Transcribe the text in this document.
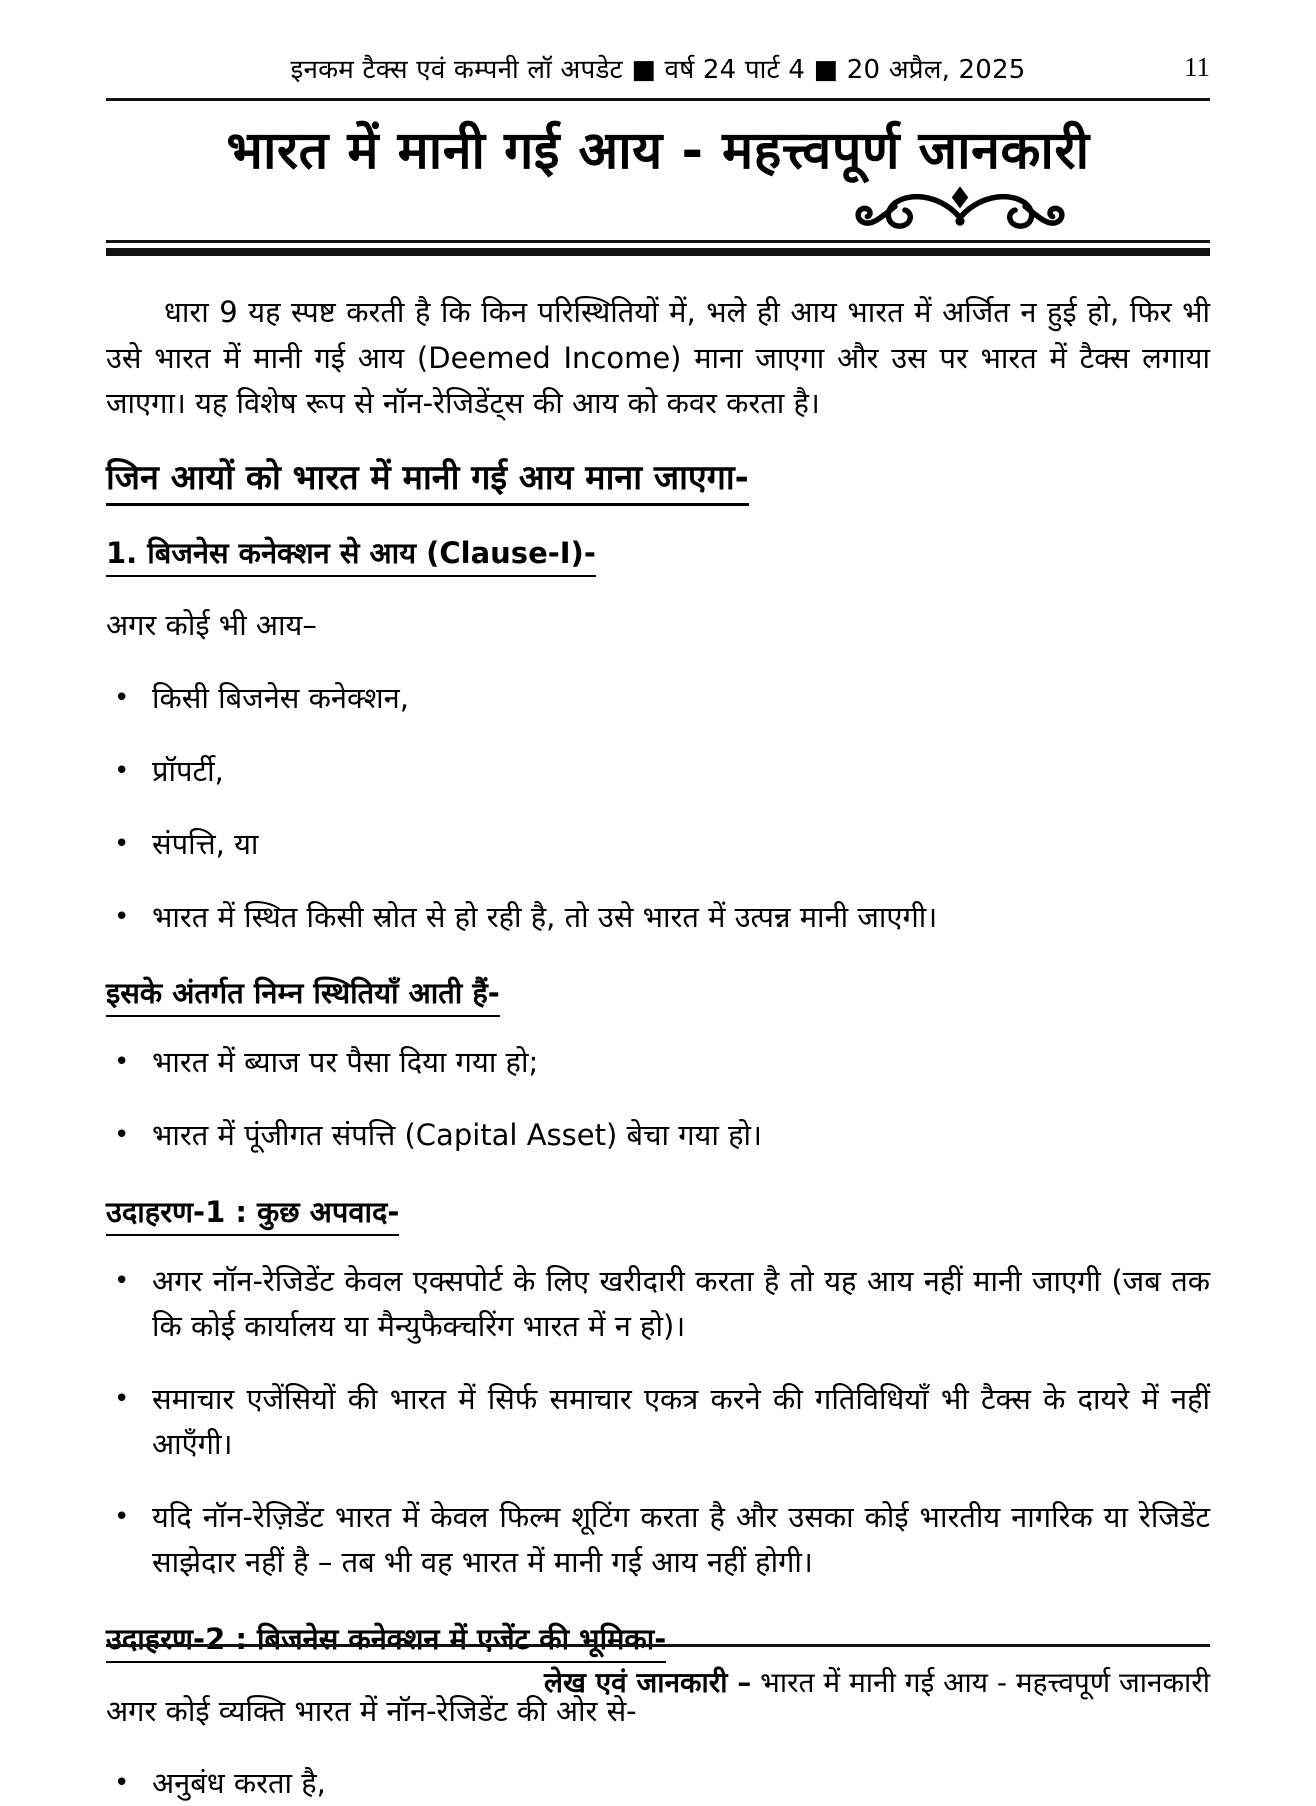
इनकम टैक्स एवं कम्पनी लॉ अपडेट ■ वर्ष 24 पार्ट 4 ■ 20 अप्रैल, 2025	11
भारत में मानी गई आय - महत्त्वपूर्ण जानकारी

धारा 9 यह स्पष्ट करती है कि किन परिस्थितियों में, भले ही आय भारत में अर्जित न हुई हो, फिर भी उसे भारत में मानी गई आय (Deemed Income) माना जाएगा और उस पर भारत में टैक्स लगाया जाएगा। यह विशेष रूप से नॉन-रेजिडेंट्स की आय को कवर करता है।

जिन आयों को भारत में मानी गई आय माना जाएगा-
1. बिजनेस कनेक्शन से आय (Clause-I)-

अगर कोई भी आय–

•
किसी बिजनेस कनेक्शन,
•
प्रॉपर्टी,
•
संपत्ति, या
•
भारत में स्थित किसी स्रोत से हो रही है, तो उसे भारत में उत्पन्न मानी जाएगी।
इसके अंतर्गत निम्न स्थितियाँ आती हैं-
•
भारत में ब्याज पर पैसा दिया गया हो;
•
भारत में पूंजीगत संपत्ति (Capital Asset) बेचा गया हो।
उदाहरण-1 : कुछ अपवाद-
•
अगर नॉन-रेजिडेंट केवल एक्सपोर्ट के लिए खरीदारी करता है तो यह आय नहीं मानी जाएगी (जब तक कि कोई कार्यालय या मैन्युफैक्चरिंग भारत में न हो)।
•
समाचार एजेंसियों की भारत में सिर्फ समाचार एकत्र करने की गतिविधियाँ भी टैक्स के दायरे में नहीं आएँगी।
•
यदि नॉन-रेज़िडेंट भारत में केवल फिल्म शूटिंग करता है और उसका कोई भारतीय नागरिक या रेजिडेंट साझेदार नहीं है – तब भी वह भारत में मानी गई आय नहीं होगी।
उदाहरण-2 : बिजनेस कनेक्शन में एजेंट की भूमिका-

अगर कोई व्यक्ति भारत में नॉन-रेजिडेंट की ओर से-

•
अनुबंध करता है,
लेख एवं जानकारी – भारत में मानी गई आय - महत्त्वपूर्ण जानकारी
